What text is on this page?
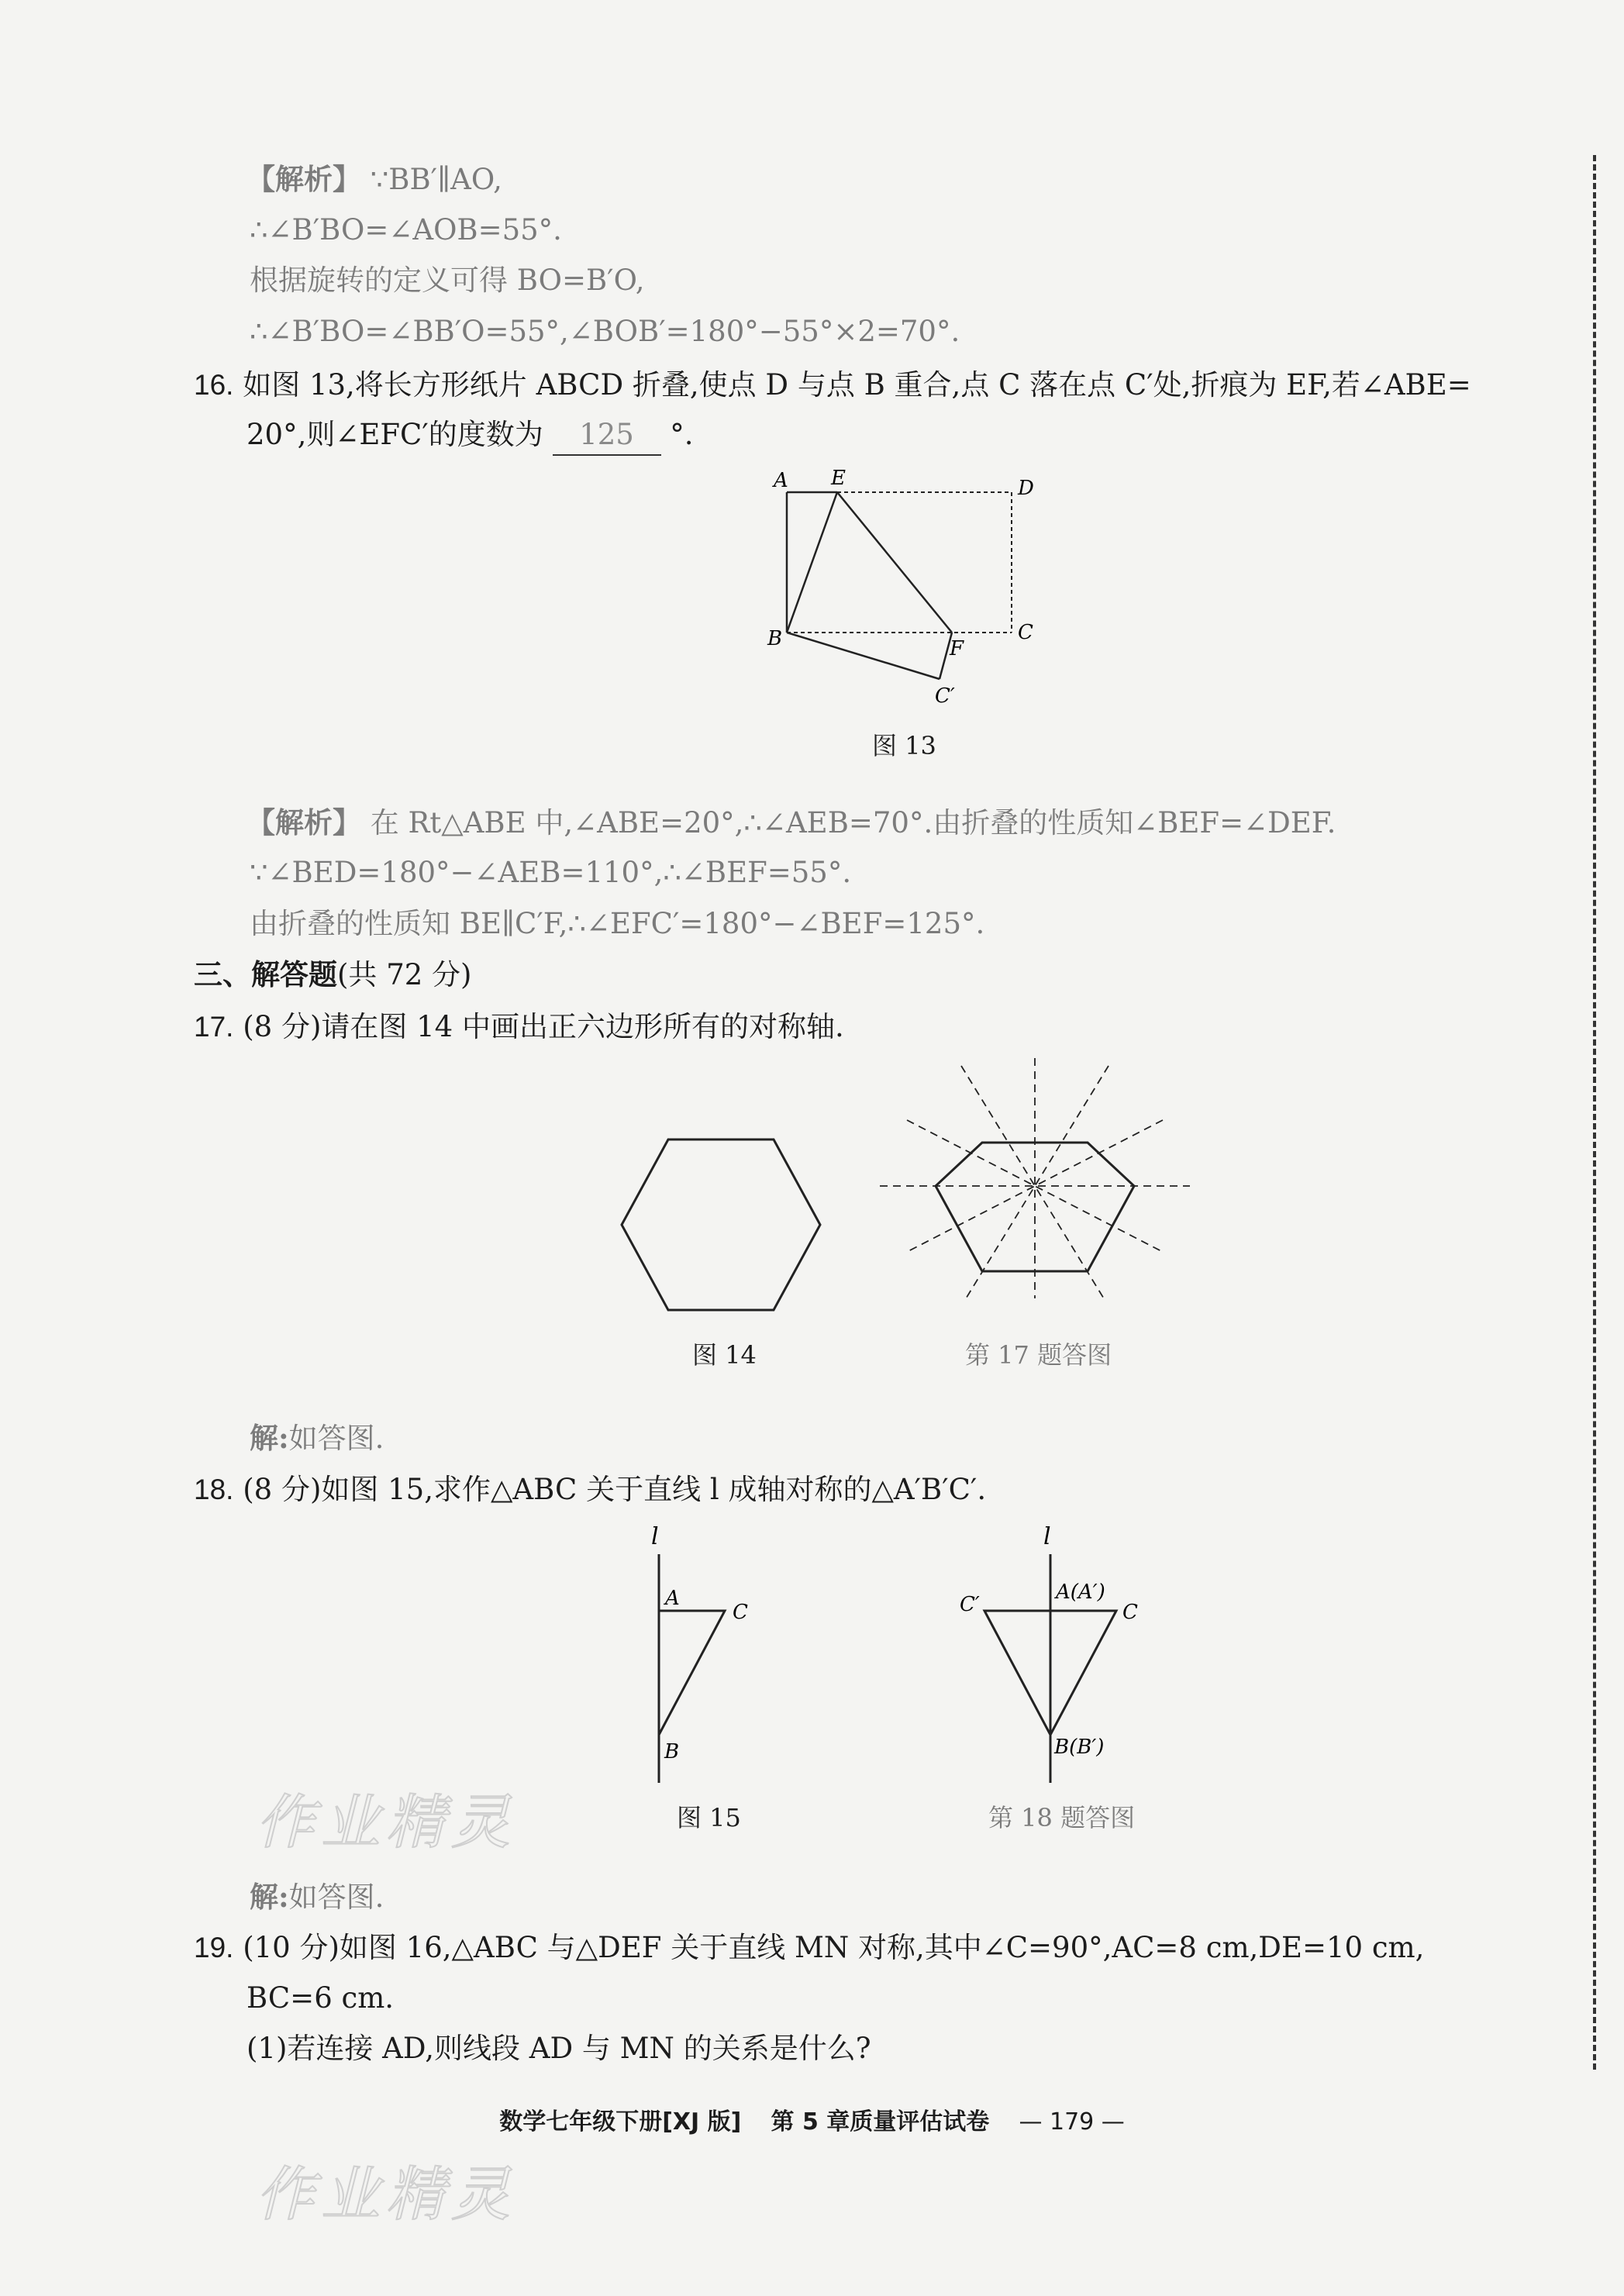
【解析】 ∵BB′∥AO,
∴∠B′BO=∠AOB=55°.
根据旋转的定义可得 BO=B′O,
∴∠B′BO=∠BB′O=55°,∠BOB′=180°−55°×2=70°.
16. 如图 13,将长方形纸片 ABCD 折叠,使点 D 与点 B 重合,点 C 落在点 C′处,折痕为 EF,若∠ABE=
20°,则∠EFC′的度数为 125 °.
A E	D
B	F
C
C′
图 13
【解析】 在 Rt△ABE 中,∠ABE=20°,∴∠AEB=70°.由折叠的性质知∠BEF=∠DEF.
∵∠BED=180°−∠AEB=110°,∴∠BEF=55°.
由折叠的性质知 BE∥C′F,∴∠EFC′=180°−∠BEF=125°.
三、解答题(共 72 分)
17. (8 分)请在图 14 中画出正六边形所有的对称轴.
图 14	第 17 题答图
解:如答图.
18. (8 分)如图 15,求作△ABC 关于直线 l 成轴对称的△A′B′C′.
l
A
C
B
图 15
l
A(A′)
C
C′
B(B′)
第 18 题答图
解:如答图.
19. (10 分)如图 16,△ABC 与△DEF 关于直线 MN 对称,其中∠C=90°,AC=8 cm,DE=10 cm,
BC=6 cm.
(1)若连接 AD,则线段 AD 与 MN 的关系是什么?
数学七年级下册[XJ 版] 第 5 章质量评估试卷 — 179 —
作业精灵
作业精灵
